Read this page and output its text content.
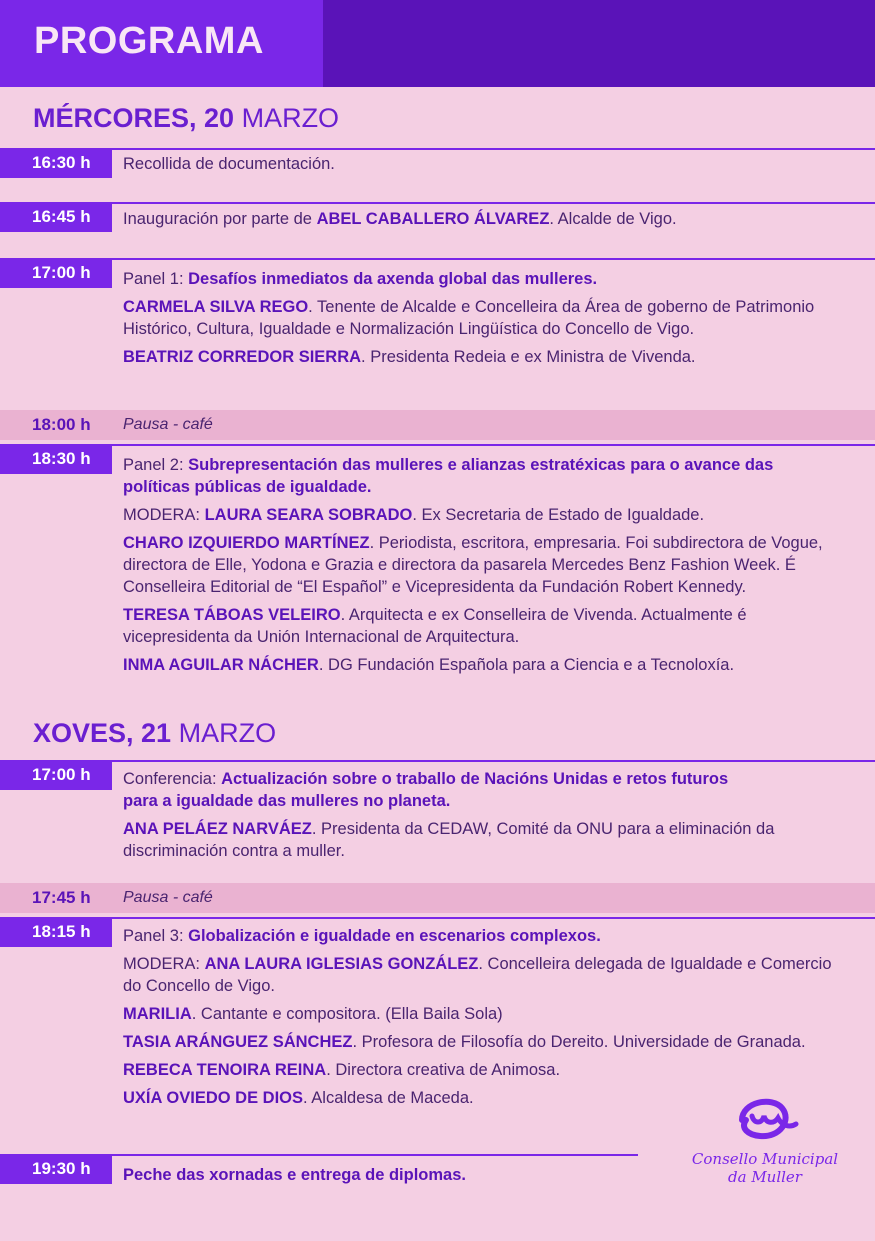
PROGRAMA
MÉRCORES, 20 MARZO
16:30 h	Recollida de documentación.

16:45 h	Inauguración por parte de ABEL CABALLERO ÁLVAREZ. Alcalde de Vigo.

17:00 h	Panel 1: Desafíos inmediatos da axenda global das mulleres.

CARMELA SILVA REGO. Tenente de Alcalde e Concelleira da Área de goberno de Patrimonio Histórico, Cultura, Igualdade e Normalización Lingüística do Concello de Vigo.

BEATRIZ CORREDOR SIERRA. Presidenta Redeia e ex Ministra de Vivenda.

18:00 h Pausa - café
18:30 h	Panel 2: Subrepresentación das mulleres e alianzas estratéxicas para o avance das políticas públicas de igualdade.

MODERA: LAURA SEARA SOBRADO. Ex Secretaria de Estado de Igualdade.

CHARO IZQUIERDO MARTÍNEZ. Periodista, escritora, empresaria. Foi subdirectora de Vogue, directora de Elle, Yodona e Grazia e directora da pasarela Mercedes Benz Fashion Week. É Conselleira Editorial de “El Español” e Vicepresidenta da Fundación Robert Kennedy.

TERESA TÁBOAS VELEIRO. Arquitecta e ex Conselleira de Vivenda. Actualmente é vicepresidenta da Unión Internacional de Arquitectura.

INMA AGUILAR NÁCHER. DG Fundación Española para a Ciencia e a Tecnoloxía.

XOVES, 21 MARZO
17:00 h	Conferencia: Actualización sobre o traballo de Nacións Unidas e retos futuros para a igualdade das mulleres no planeta.

ANA PELÁEZ NARVÁEZ. Presidenta da CEDAW, Comité da ONU para a eliminación da discriminación contra a muller.

17:45 h Pausa - café
18:15 h	Panel 3: Globalización e igualdade en escenarios complexos.

MODERA: ANA LAURA IGLESIAS GONZÁLEZ. Concelleira delegada de Igualdade e Comercio do Concello de Vigo.

MARILIA. Cantante e compositora. (Ella Baila Sola)

TASIA ARÁNGUEZ SÁNCHEZ. Profesora de Filosofía do Dereito. Universidade de Granada.

REBECA TENOIRA REINA. Directora creativa de Animosa.

UXÍA OVIEDO DE DIOS. Alcaldesa de Maceda.

19:30 h	Peche das xornadas e entrega de diplomas.

Consello Municipal
da Muller
